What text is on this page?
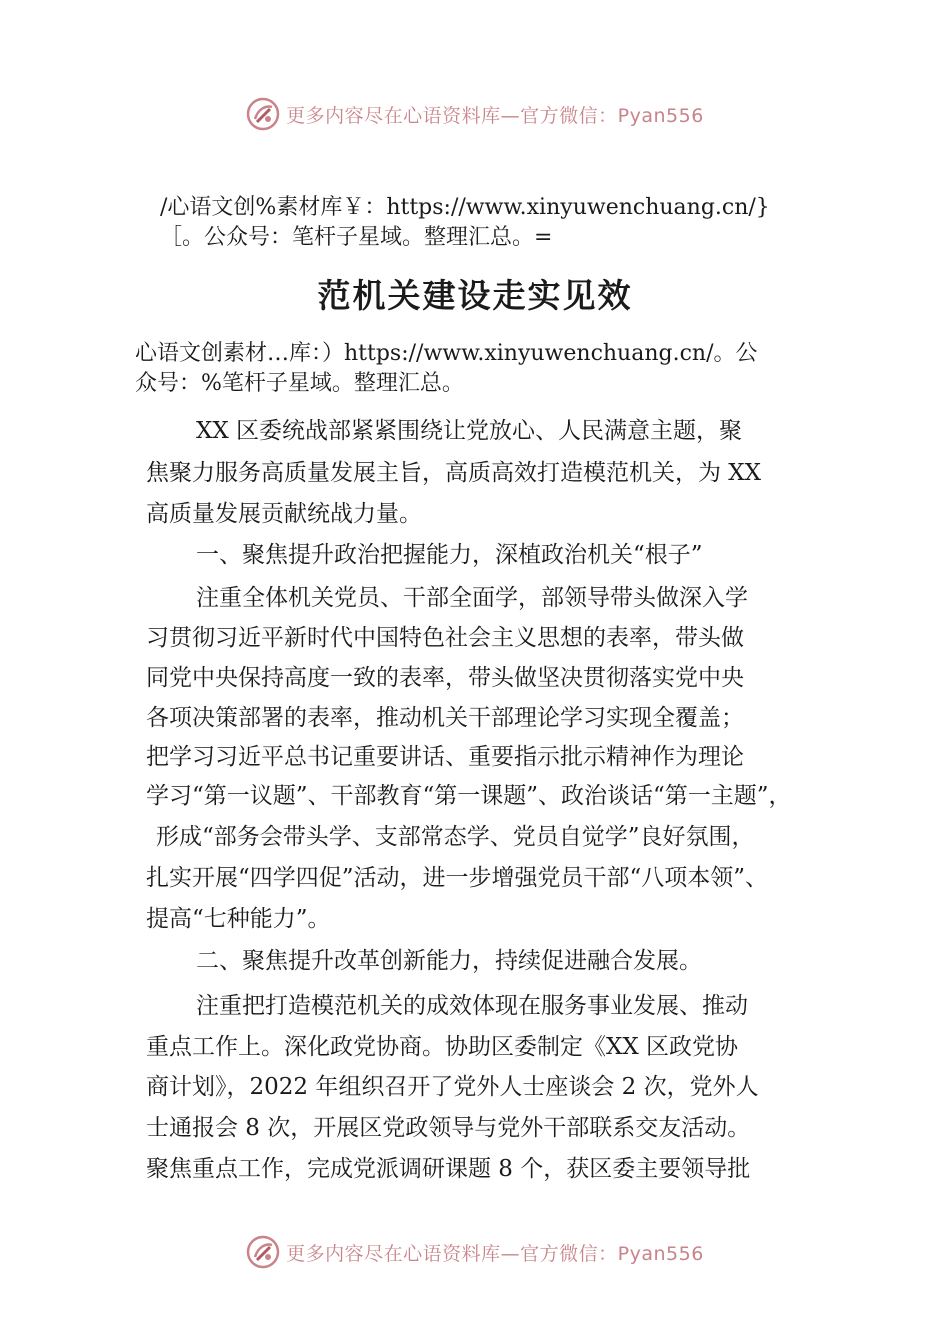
更多内容尽在心语资料库—官方微信：Pyan556
/心语文创%素材库￥：https://www.xinyuwenchuang.cn/}
［。公众号：笔杆子星域。整理汇总。=
范机关建设走实见效
心语文创素材…库：）https://www.xinyuwenchuang.cn/。公
众号：%笔杆子星域。整理汇总。
XX 区委统战部紧紧围绕让党放心、人民满意主题，聚
焦聚力服务高质量发展主旨，高质高效打造模范机关，为 XX
高质量发展贡献统战力量。
一、聚焦提升政治把握能力，深植政治机关“根子”
注重全体机关党员、干部全面学，部领导带头做深入学
习贯彻习近平新时代中国特色社会主义思想的表率，带头做
同党中央保持高度一致的表率，带头做坚决贯彻落实党中央
各项决策部署的表率，推动机关干部理论学习实现全覆盖；
把学习习近平总书记重要讲话、重要指示批示精神作为理论
学习“第一议题”、干部教育“第一课题”、政治谈话“第一主题”，
形成“部务会带头学、支部常态学、党员自觉学”良好氛围，
扎实开展“四学四促”活动，进一步增强党员干部“八项本领”、
提高“七种能力”。
二、聚焦提升改革创新能力，持续促进融合发展。
注重把打造模范机关的成效体现在服务事业发展、推动
重点工作上。深化政党协商。协助区委制定《XX 区政党协
商计划》，2022 年组织召开了党外人士座谈会 2 次，党外人
士通报会 8 次，开展区党政领导与党外干部联系交友活动。
聚焦重点工作，完成党派调研课题 8 个，获区委主要领导批
更多内容尽在心语资料库—官方微信：Pyan556
